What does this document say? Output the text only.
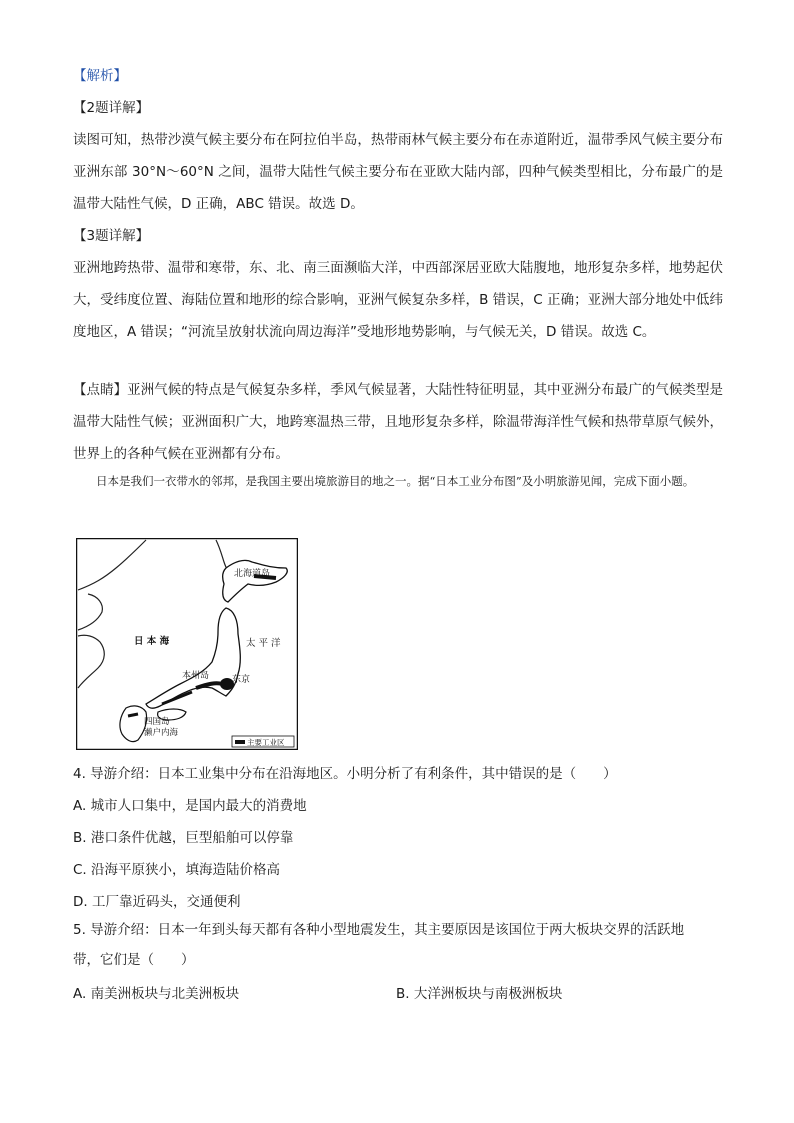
【解析】
【2题详解】
读图可知，热带沙漠气候主要分布在阿拉伯半岛，热带雨林气候主要分布在赤道附近，温带季风气候主要分布亚洲东部 30°N～60°N 之间，温带大陆性气候主要分布在亚欧大陆内部，四种气候类型相比，分布最广的是温带大陆性气候，D 正确，ABC 错误。故选 D。
【3题详解】
亚洲地跨热带、温带和寒带，东、北、南三面濒临大洋，中西部深居亚欧大陆腹地，地形复杂多样，地势起伏大，受纬度位置、海陆位置和地形的综合影响，亚洲气候复杂多样，B 错误，C 正确；亚洲大部分地处中低纬度地区，A 错误；“河流呈放射状流向周边海洋”受地形地势影响，与气候无关，D 错误。故选 C。
【点睛】亚洲气候的特点是气候复杂多样，季风气候显著，大陆性特征明显，其中亚洲分布最广的气候类型是温带大陆性气候；亚洲面积广大，地跨寒温热三带，且地形复杂多样，除温带海洋性气候和热带草原气候外，世界上的各种气候在亚洲都有分布。
日本是我们一衣带水的邻邦，是我国主要出境旅游目的地之一。据“日本工业分布图”及小明旅游见闻，完成下面小题。
北海道岛
日 本 海	太 平 洋
本州岛	东京
四国岛
濑户内海
主要工业区
4. 导游介绍：日本工业集中分布在沿海地区。小明分析了有利条件，其中错误的是（　　）
A. 城市人口集中，是国内最大的消费地
B. 港口条件优越，巨型船舶可以停靠
C. 沿海平原狭小，填海造陆价格高
D. 工厂靠近码头，交通便利
5. 导游介绍：日本一年到头每天都有各种小型地震发生，其主要原因是该国位于两大板块交界的活跃地
带，它们是（　　）
A. 南美洲板块与北美洲板块	B. 大洋洲板块与南极洲板块
